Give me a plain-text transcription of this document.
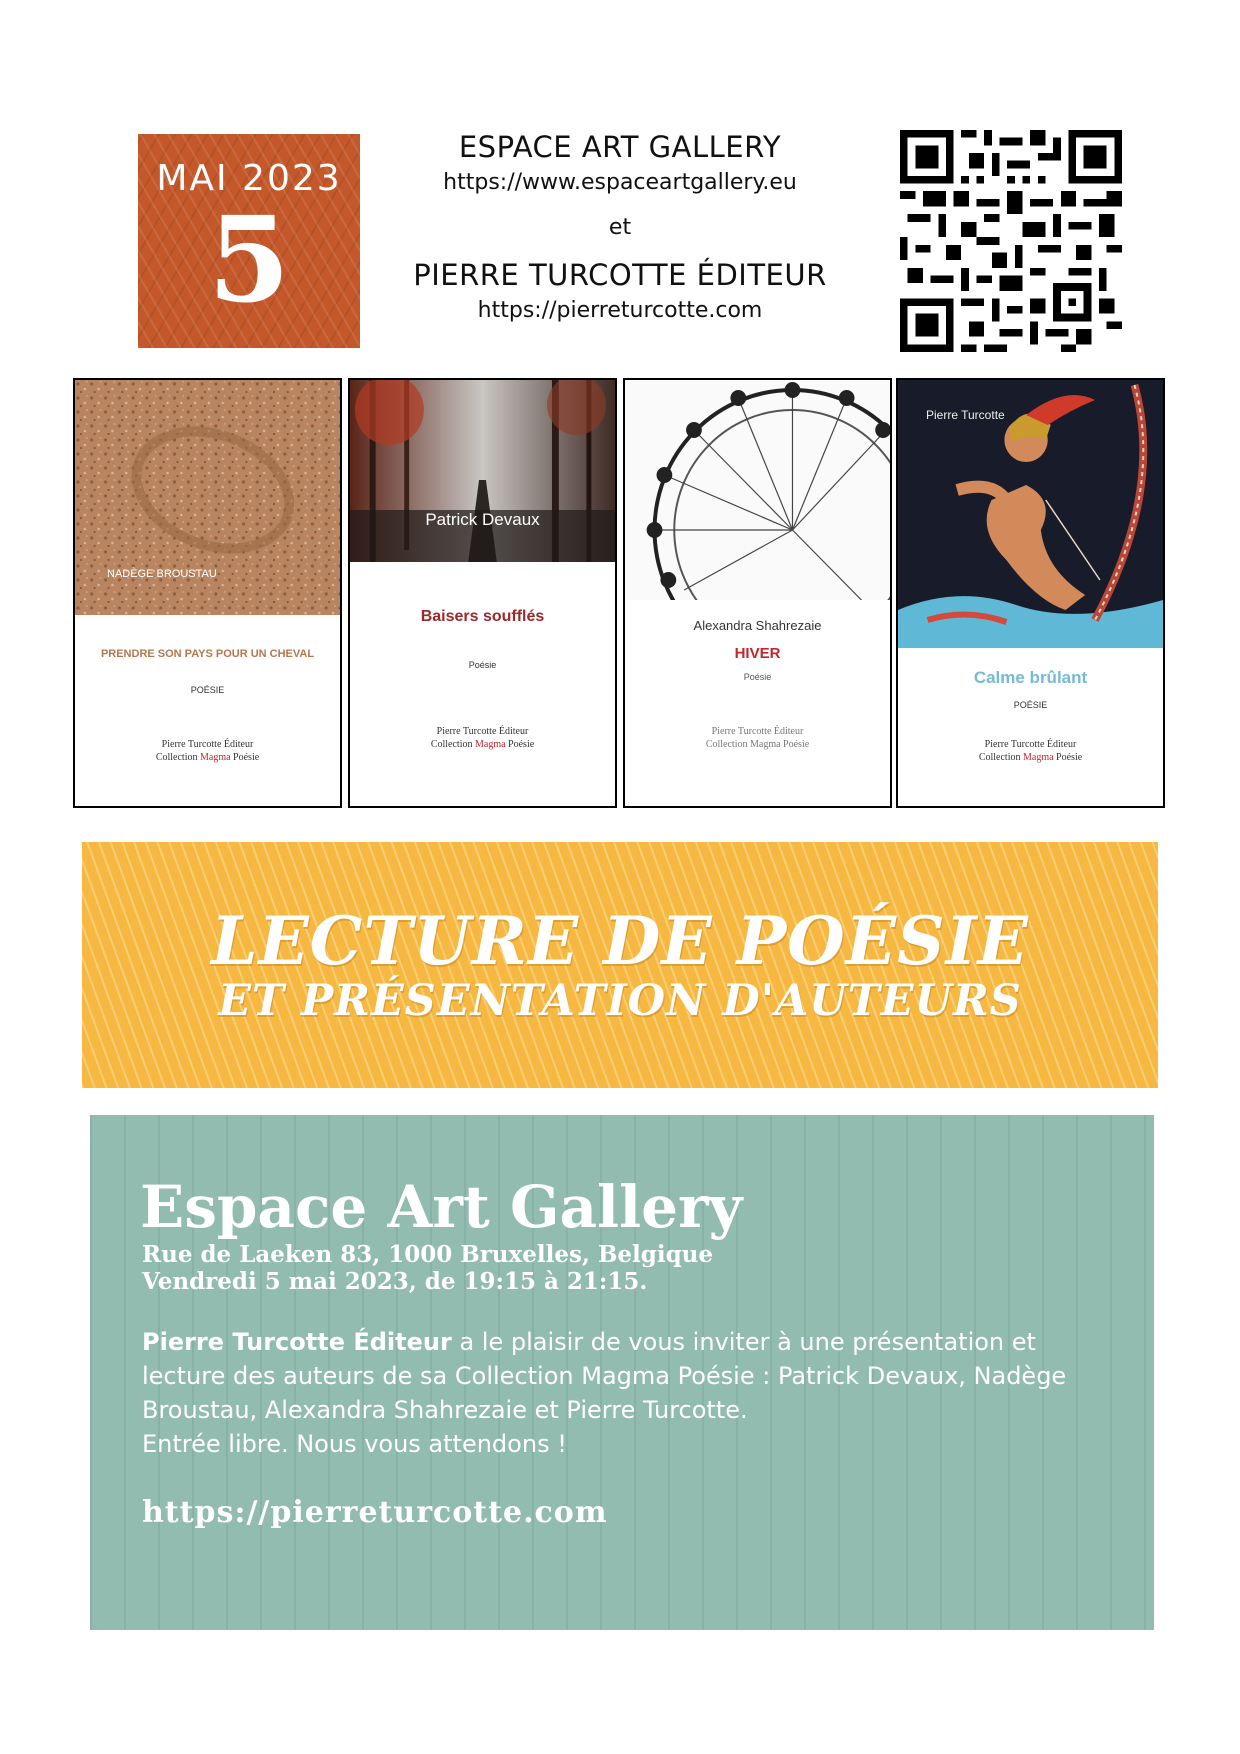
MAI 2023
5
ESPACE ART GALLERY
https://www.espaceartgallery.eu
et
PIERRE TURCOTTE ÉDITEUR
https://pierreturcotte.com
NADÈGE BROUSTAU
PRENDRE SON PAYS POUR UN CHEVAL
POÉSIE
Pierre Turcotte Éditeur
Collection Magma Poésie
Patrick Devaux
Baisers soufflés
Poésie
Pierre Turcotte Éditeur
Collection Magma Poésie
Alexandra Shahrezaie
HIVER
Poésie
Pierre Turcotte Éditeur
Collection Magma Poésie
Pierre Turcotte
Calme brûlant
POÉSIE
Pierre Turcotte Éditeur
Collection Magma Poésie
LECTURE DE POÉSIE
ET PRÉSENTATION D'AUTEURS
Espace Art Gallery
Rue de Laeken 83, 1000 Bruxelles, Belgique
Vendredi 5 mai 2023, de 19:15 à 21:15.
Pierre Turcotte Éditeur a le plaisir de vous inviter à une présentation et lecture des auteurs de sa Collection Magma Poésie : Patrick Devaux, Nadège Broustau, Alexandra Shahrezaie et Pierre Turcotte.
Entrée libre. Nous vous attendons !
https://pierreturcotte.com
